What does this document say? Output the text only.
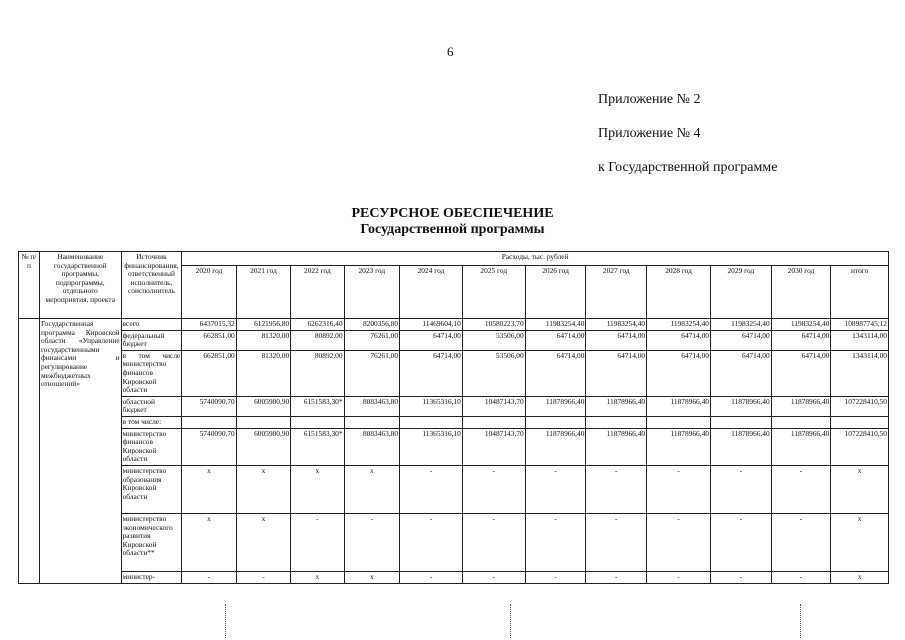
6
Приложение № 2
Приложение № 4
к Государственной программе
РЕСУРСНОЕ ОБЕСПЕЧЕНИЕ
Государственной программы
№ п/п	Наименование государственной программы, подпрограммы, отдельного мероприятия, проекта	Источник финансирования, ответственный исполнитель, соисполнитель	Расходы, тыс. рублей											
			2020 год	2021 год	2022 год	2023 год	2024 год	2025 год	2026 год	2027 год	2028 год	2029 год	2030 год	итого
	Государственная программа Кировской области «Управление государственными финансами и регулирование межбюджетных отношений»	всего	6437015,32	6121956,80	6262316,40	8200356,80	11469604,10	10580223,70	11983254,40	11983254,40	11983254,40	11983254,40	11983254,40	108987745,12
		федеральный бюджет	662851,00	81320,00	80892,00	76261,00	64714,00	53506,00	64714,00	64714,00	64714,00	64714,00	64714,00	1343114,00
		в том числе министерство финансов Кировской области	662851,00	81320,00	80892,00	76261,00	64714,00	53506,00	64714,00	64714,00	64714,00	64714,00	64714,00	1343114,00
		областной бюджет	5740090,70	6005980,90	6151583,30*	8083463,80	11365316,10	10487143,70	11878966,40	11878966,40	11878966,40	11878966,40	11878966,40	107228410,50
		в том числе:												
		министерство финансов Кировской области	5740090,70	6005980,90	6151583,30*	8083463,80	11365316,10	10487143,70	11878966,40	11878966,40	11878966,40	11878966,40	11878966,40	107228410,50
		министерство образования Кировской области	x	x	x	x	-	-	-	-	-	-	-	x
		министерство экономического развития Кировской области**	x	x	-	-	-	-	-	-	-	-	-	x
		министер-	-	-	x	x	-	-	-	-	-	-	-	x
